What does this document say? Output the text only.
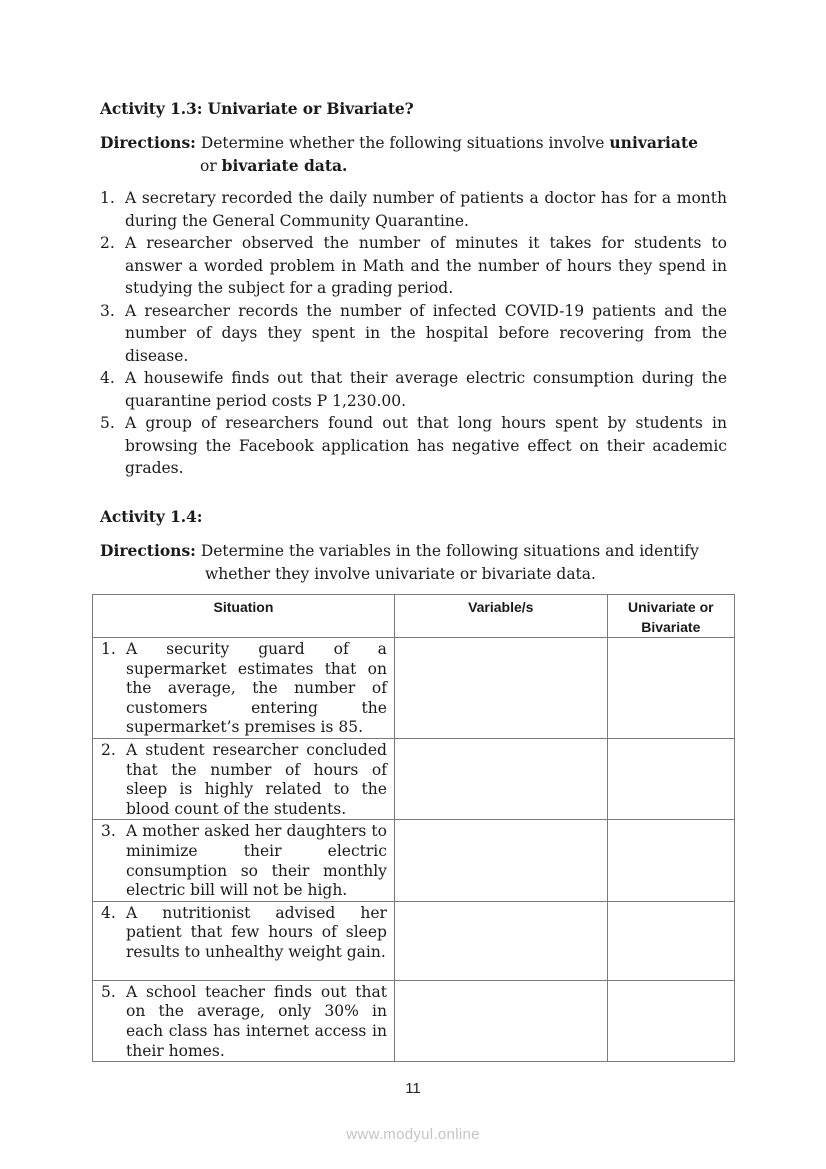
Activity 1.3: Univariate or Bivariate?
Directions: Determine whether the following situations involve univariate
or bivariate data.
1. A secretary recorded the daily number of patients a doctor has for a month during the General Community Quarantine.
2. A researcher observed the number of minutes it takes for students to answer a worded problem in Math and the number of hours they spend in studying the subject for a grading period.
3. A researcher records the number of infected COVID-19 patients and the number of days they spent in the hospital before recovering from the disease.
4. A housewife finds out that their average electric consumption during the quarantine period costs P 1,230.00.
5. A group of researchers found out that long hours spent by students in browsing the Facebook application has negative effect on their academic grades.
Activity 1.4:
Directions: Determine the variables in the following situations and identify
whether they involve univariate or bivariate data.
Situation	Variable/s	Univariate or Bivariate

1. A security guard of a supermarket estimates that on the average, the number of customers entering the supermarket’s premises is 85.		

2. A student researcher concluded that the number of hours of sleep is highly related to the blood count of the students.		

3. A mother asked her daughters to minimize their electric consumption so their monthly electric bill will not be high.		

4. A nutritionist advised her patient that few hours of sleep results to unhealthy weight gain.		

5. A school teacher finds out that on the average, only 30% in each class has internet access in their homes.		

11
www.modyul.online
